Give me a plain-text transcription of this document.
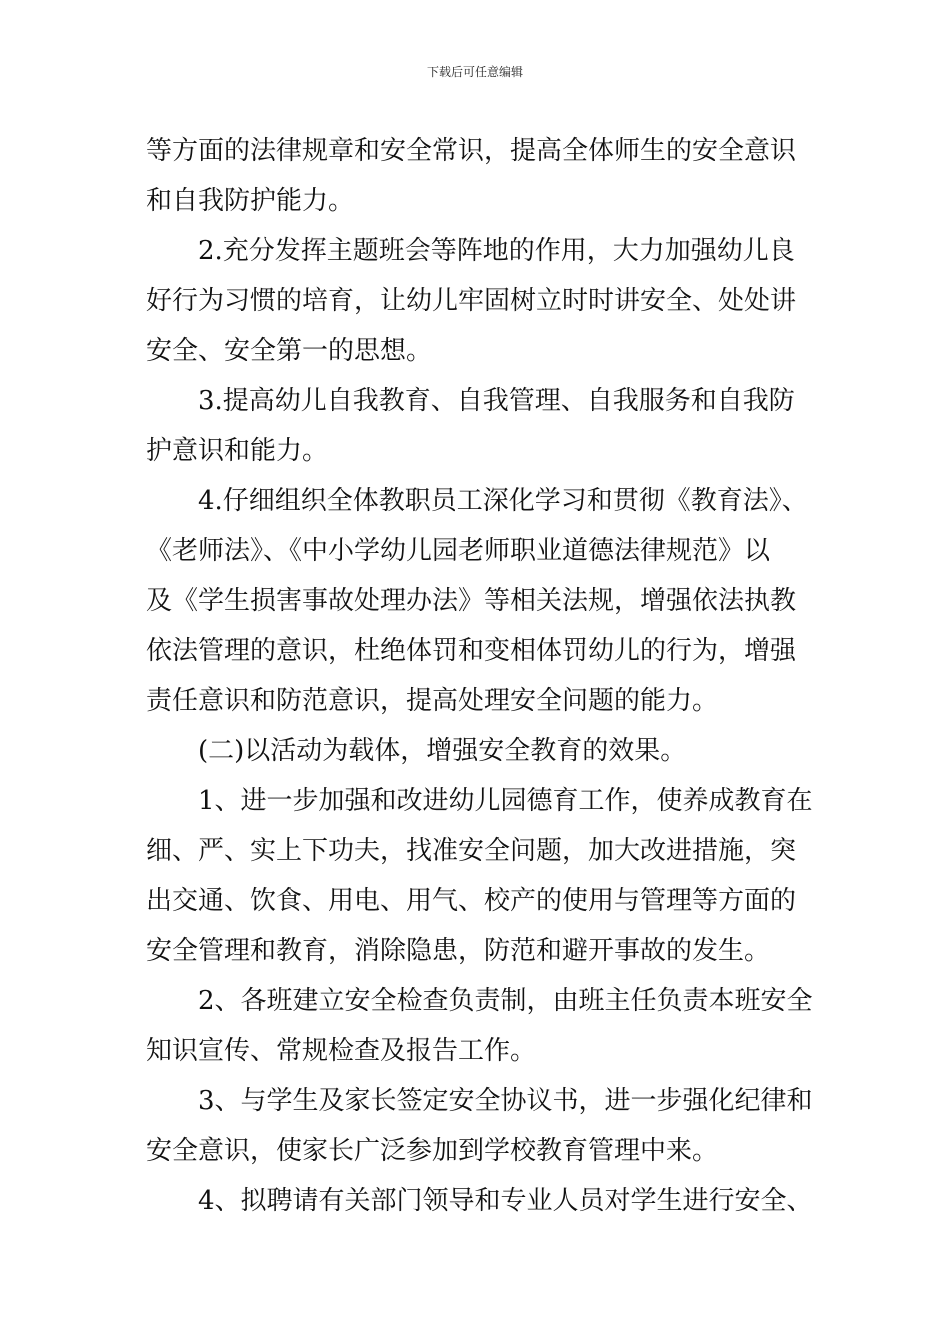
下载后可任意编辑
等方面的法律规章和安全常识，提高全体师生的安全意识
和自我防护能力。
2.充分发挥主题班会等阵地的作用，大力加强幼儿良
好行为习惯的培育，让幼儿牢固树立时时讲安全、处处讲
安全、安全第一的思想。
3.提高幼儿自我教育、自我管理、自我服务和自我防
护意识和能力。
4.仔细组织全体教职员工深化学习和贯彻《教育法》、
《老师法》、《中小学幼儿园老师职业道德法律规范》以
及《学生损害事故处理办法》等相关法规，增强依法执教
依法管理的意识，杜绝体罚和变相体罚幼儿的行为，增强
责任意识和防范意识，提高处理安全问题的能力。
(二)以活动为载体，增强安全教育的效果。
1、进一步加强和改进幼儿园德育工作，使养成教育在
细、严、实上下功夫，找准安全问题，加大改进措施，突
出交通、饮食、用电、用气、校产的使用与管理等方面的
安全管理和教育，消除隐患，防范和避开事故的发生。
2、各班建立安全检查负责制，由班主任负责本班安全
知识宣传、常规检查及报告工作。
3、与学生及家长签定安全协议书，进一步强化纪律和
安全意识，使家长广泛参加到学校教育管理中来。
4、拟聘请有关部门领导和专业人员对学生进行安全、
